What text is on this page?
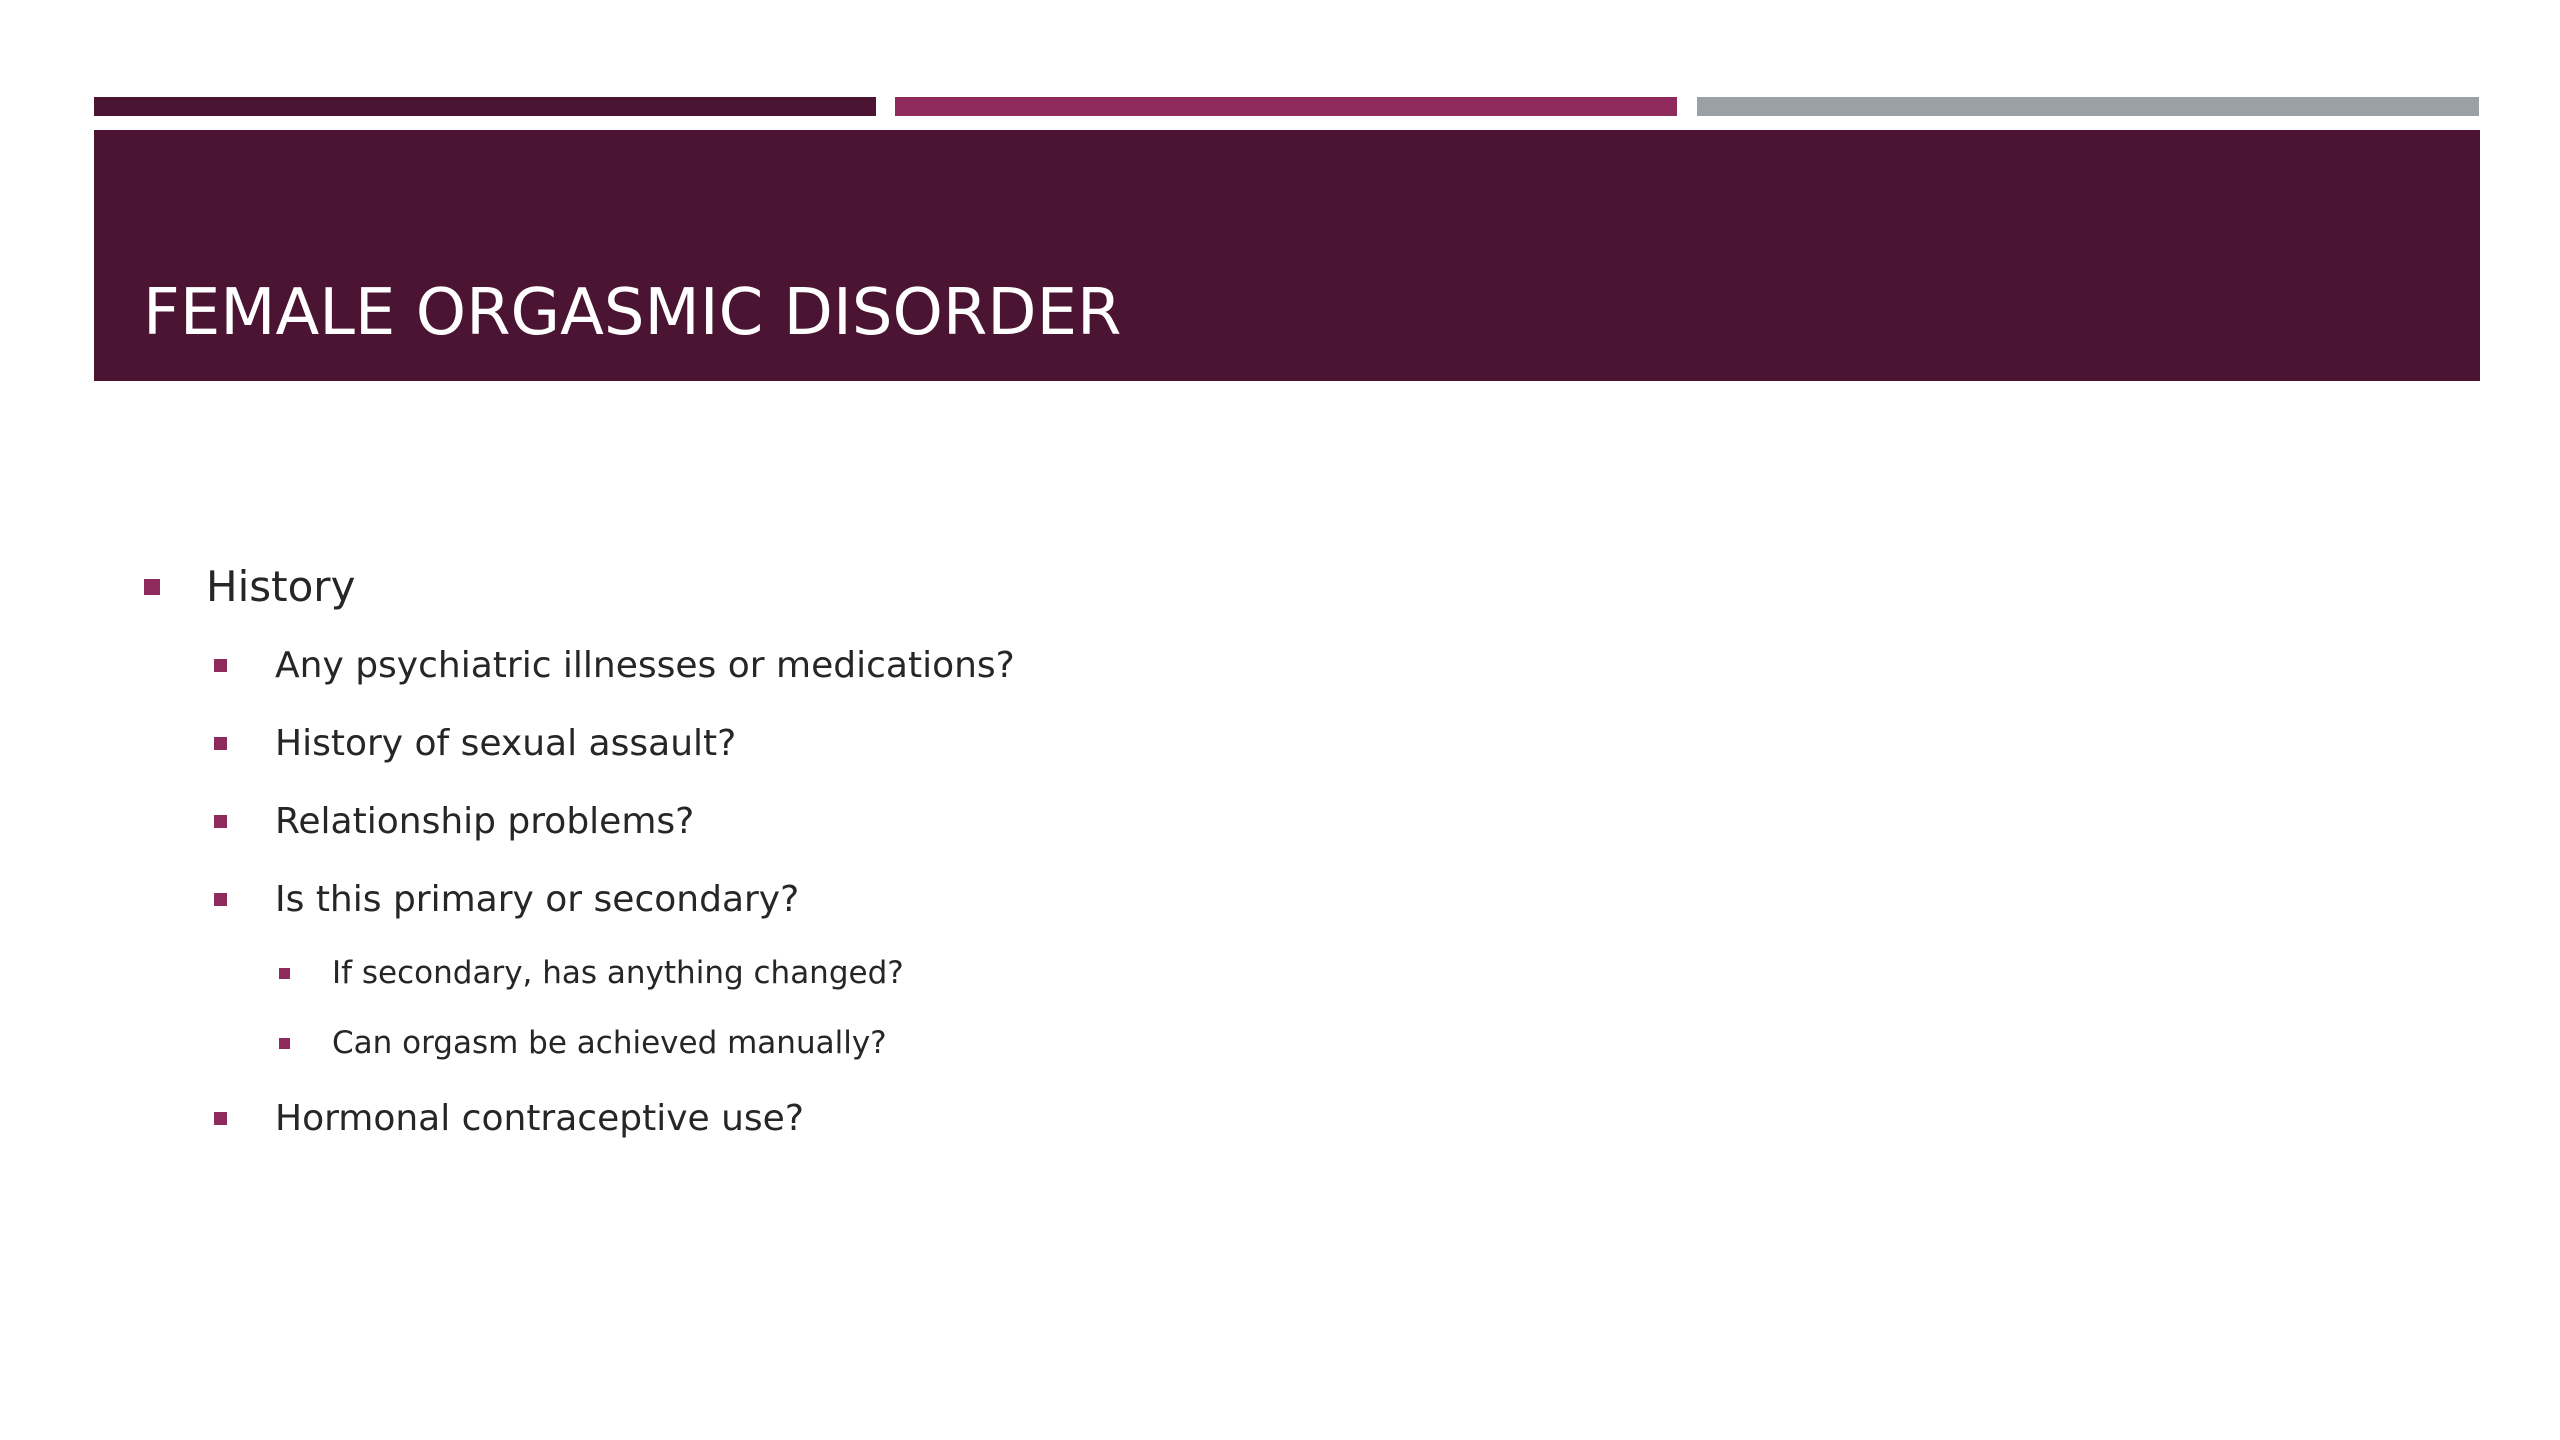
FEMALE ORGASMIC DISORDER
History
Any psychiatric illnesses or medications?
History of sexual assault?
Relationship problems?
Is this primary or secondary?
If secondary, has anything changed?
Can orgasm be achieved manually?
Hormonal contraceptive use?
